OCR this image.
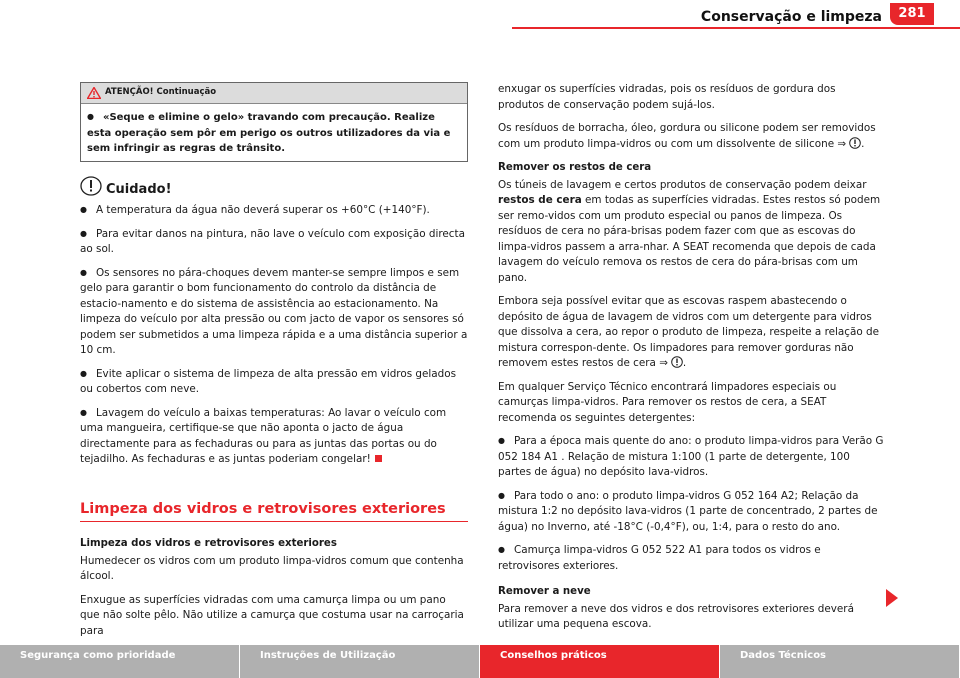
Conservação e limpeza	281
ATENÇÃO! Continuação
● «Seque e elimine o gelo» travando com precaução. Realize esta operação sem pôr em perigo os outros utilizadores da via e sem infringir as regras de trânsito.
Cuidado!

● A temperatura da água não deverá superar os +60°C (+140°F).

● Para evitar danos na pintura, não lave o veículo com exposição directa ao sol.

● Os sensores no pára-choques devem manter-se sempre limpos e sem gelo para garantir o bom funcionamento do controlo da distância de estacio-namento e do sistema de assistência ao estacionamento. Na limpeza do veículo por alta pressão ou com jacto de vapor os sensores só podem ser submetidos a uma limpeza rápida e a uma distância superior a 10 cm.

● Evite aplicar o sistema de limpeza de alta pressão em vidros gelados ou cobertos com neve.

● Lavagem do veículo a baixas temperaturas: Ao lavar o veículo com uma mangueira, certifique-se que não aponta o jacto de água directamente para as fechaduras ou para as juntas das portas ou do tejadilho. As fechaduras e as juntas poderiam congelar!

Limpeza dos vidros e retrovisores exteriores
Limpeza dos vidros e retrovisores exteriores

Humedecer os vidros com um produto limpa-vidros comum que contenha álcool.

Enxugue as superfícies vidradas com uma camurça limpa ou um pano que não solte pêlo. Não utilize a camurça que costuma usar na carroçaria para

enxugar os superfícies vidradas, pois os resíduos de gordura dos produtos de conservação podem sujá-los.

Os resíduos de borracha, óleo, gordura ou silicone podem ser removidos com um produto limpa-vidros ou com um dissolvente de silicone ⇒ .

Remover os restos de cera

Os túneis de lavagem e certos produtos de conservação podem deixar restos de cera em todas as superfícies vidradas. Estes restos só podem ser remo-vidos com um produto especial ou panos de limpeza. Os resíduos de cera no pára-brisas podem fazer com que as escovas do limpa-vidros passem a arra-nhar. A SEAT recomenda que depois de cada lavagem do veículo remova os restos de cera do pára-brisas com um pano.

Embora seja possível evitar que as escovas raspem abastecendo o depósito de água de lavagem de vidros com um detergente para vidros que dissolva a cera, ao repor o produto de limpeza, respeite a relação de mistura correspon-dente. Os limpadores para remover gorduras não removem estes restos de cera ⇒ .

Em qualquer Serviço Técnico encontrará limpadores especiais ou camurças limpa-vidros. Para remover os restos de cera, a SEAT recomenda os seguintes detergentes:

● Para a época mais quente do ano: o produto limpa-vidros para Verão G 052 184 A1 . Relação de mistura 1:100 (1 parte de detergente, 100 partes de água) no depósito lava-vidros.

● Para todo o ano: o produto limpa-vidros G 052 164 A2; Relação da mistura 1:2 no depósito lava-vidros (1 parte de concentrado, 2 partes de água) no Inverno, até -18°C (-0,4°F), ou, 1:4, para o resto do ano.

● Camurça limpa-vidros G 052 522 A1 para todos os vidros e retrovisores exteriores.

Remover a neve

Para remover a neve dos vidros e dos retrovisores exteriores deverá utilizar uma pequena escova.

Segurança como prioridade	Instruções de Utilização	Conselhos práticos	Dados Técnicos
